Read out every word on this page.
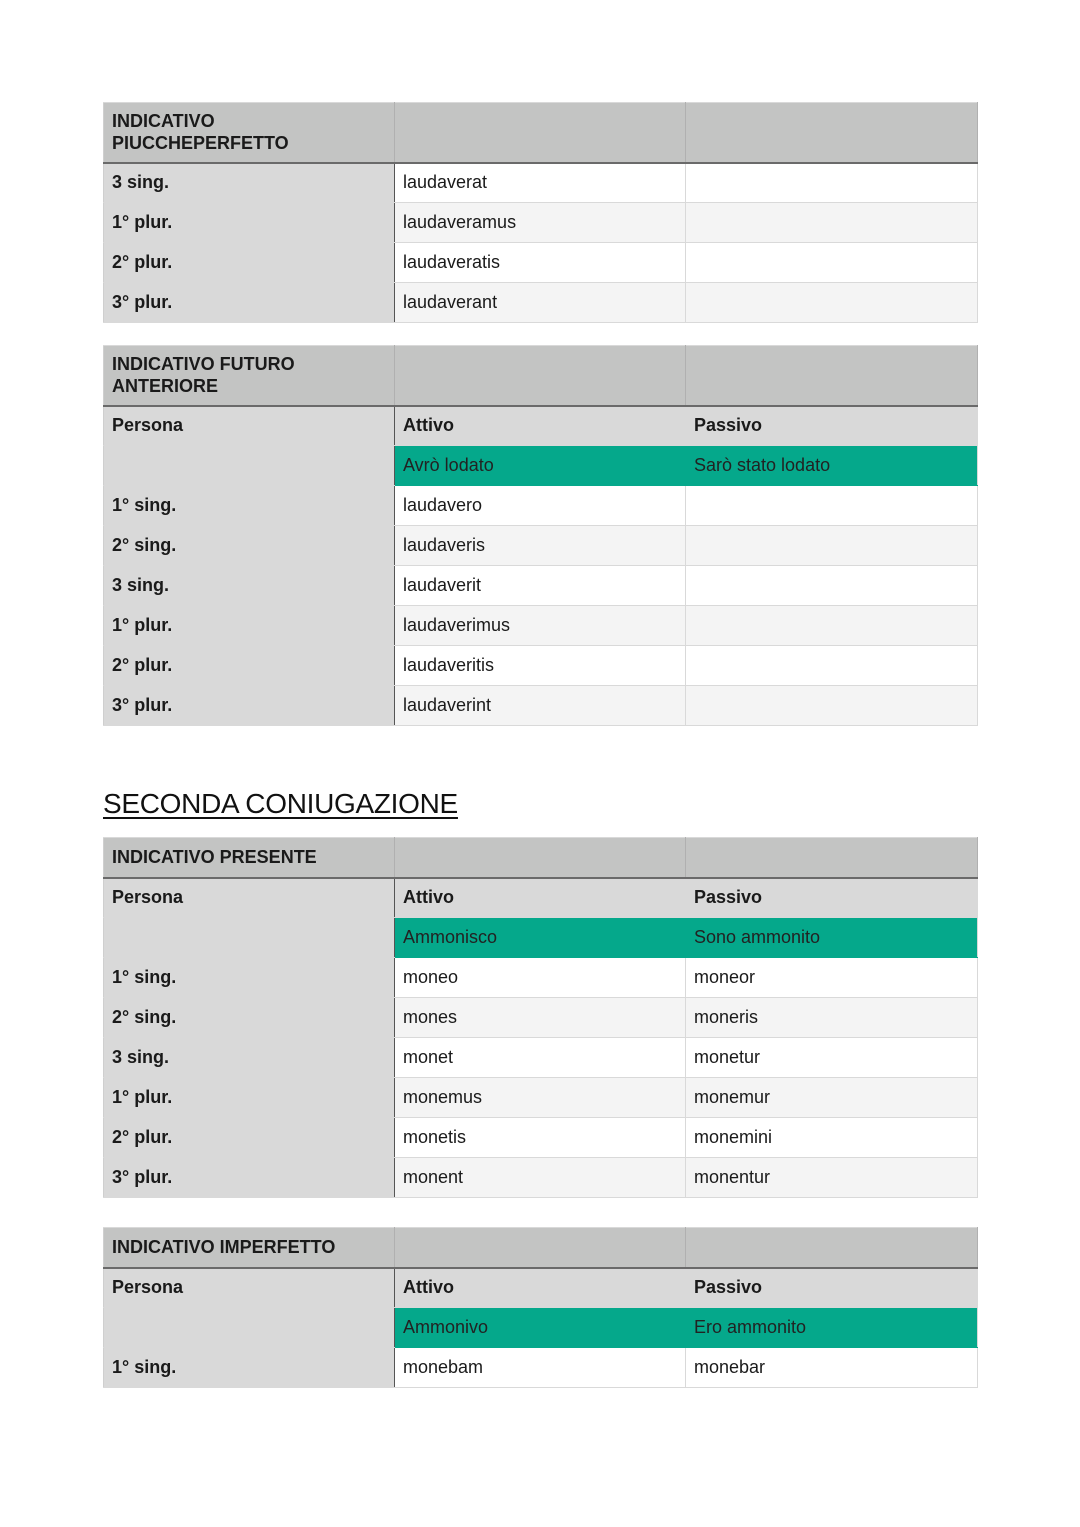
INDICATIVO PIUCCHEPERFETTO		
3 sing.	laudaverat	
1° plur.	laudaveramus	
2° plur.	laudaveratis	
3° plur.	laudaverant	
INDICATIVO FUTURO ANTERIORE		
Persona	Attivo	Passivo
	Avrò lodato	Sarò stato lodato
1° sing.	laudavero	
2° sing.	laudaveris	
3 sing.	laudaverit	
1° plur.	laudaverimus	
2° plur.	laudaveritis	
3° plur.	laudaverint	
SECONDA CONIUGAZIONE
INDICATIVO PRESENTE		
Persona	Attivo	Passivo
	Ammonisco	Sono ammonito
1° sing.	moneo	moneor
2° sing.	mones	moneris
3 sing.	monet	monetur
1° plur.	monemus	monemur
2° plur.	monetis	monemini
3° plur.	monent	monentur
INDICATIVO IMPERFETTO		
Persona	Attivo	Passivo
	Ammonivo	Ero ammonito
1° sing.	monebam	monebar
